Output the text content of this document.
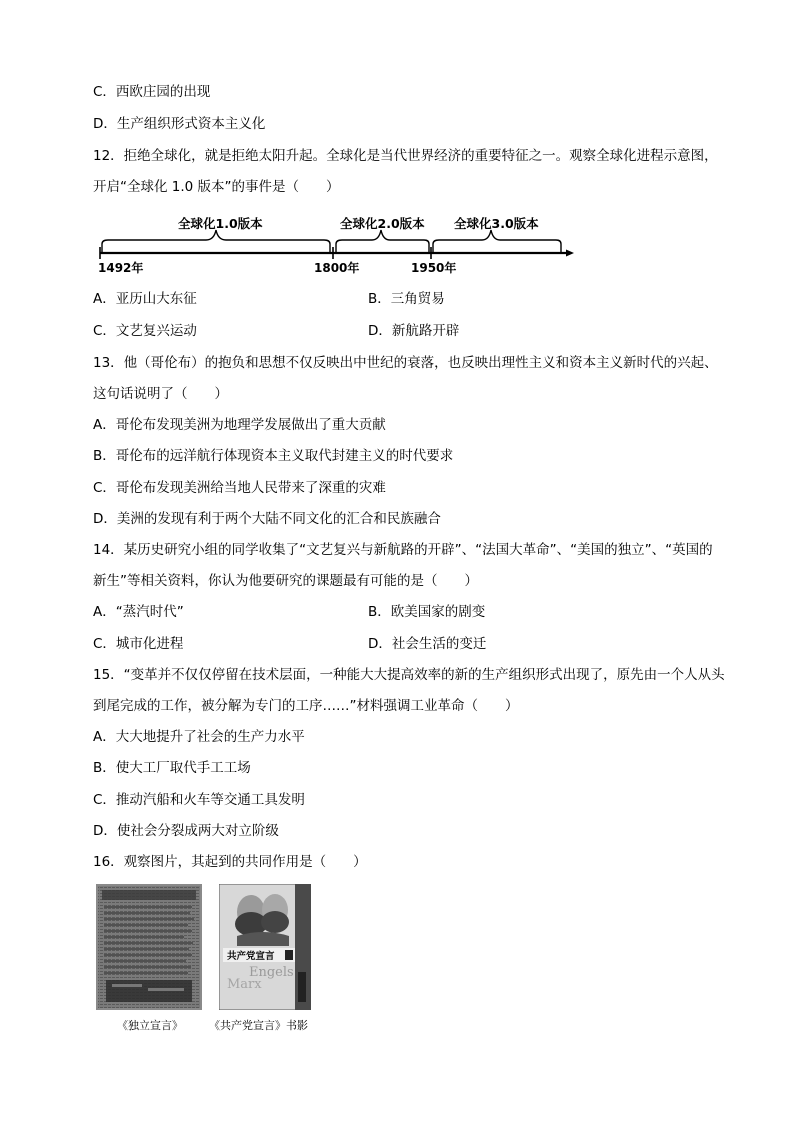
C．西欧庄园的出现
D．生产组织形式资本主义化
12．拒绝全球化，就是拒绝太阳升起。全球化是当代世界经济的重要特征之一。观察全球化进程示意图，
开启“全球化 1.0 版本”的事件是（　　）
全球化1.0版本	全球化2.0版本 全球化3.0版本
1492年	1800年	1950年
A．亚历山大东征	B．三角贸易
C．文艺复兴运动	D．新航路开辟
13．他（哥伦布）的抱负和思想不仅反映出中世纪的衰落，也反映出理性主义和资本主义新时代的兴起、
这句话说明了（　　）
A．哥伦布发现美洲为地理学发展做出了重大贡献
B．哥伦布的远洋航行体现资本主义取代封建主义的时代要求
C．哥伦布发现美洲给当地人民带来了深重的灾难
D．美洲的发现有利于两个大陆不同文化的汇合和民族融合
14．某历史研究小组的同学收集了“文艺复兴与新航路的开辟”、“法国大革命”、“美国的独立”、“英国的
新生”等相关资料，你认为他要研究的课题最有可能的是（　　）
A．“蒸汽时代”	B．欧美国家的剧变
C．城市化进程	D．社会生活的变迁
15．“变革并不仅仅停留在技术层面，一种能大大提高效率的新的生产组织形式出现了，原先由一个人从头
到尾完成的工作，被分解为专门的工序……”材料强调工业革命（　　）
A．大大地提升了社会的生产力水平
B．使大工厂取代手工工场
C．推动汽船和火车等交通工具发明
D．使社会分裂成两大对立阶级
16．观察图片，其起到的共同作用是（　　）
共产党宣言
Engels
Marx
《独立宣言》 《共产党宣言》书影
